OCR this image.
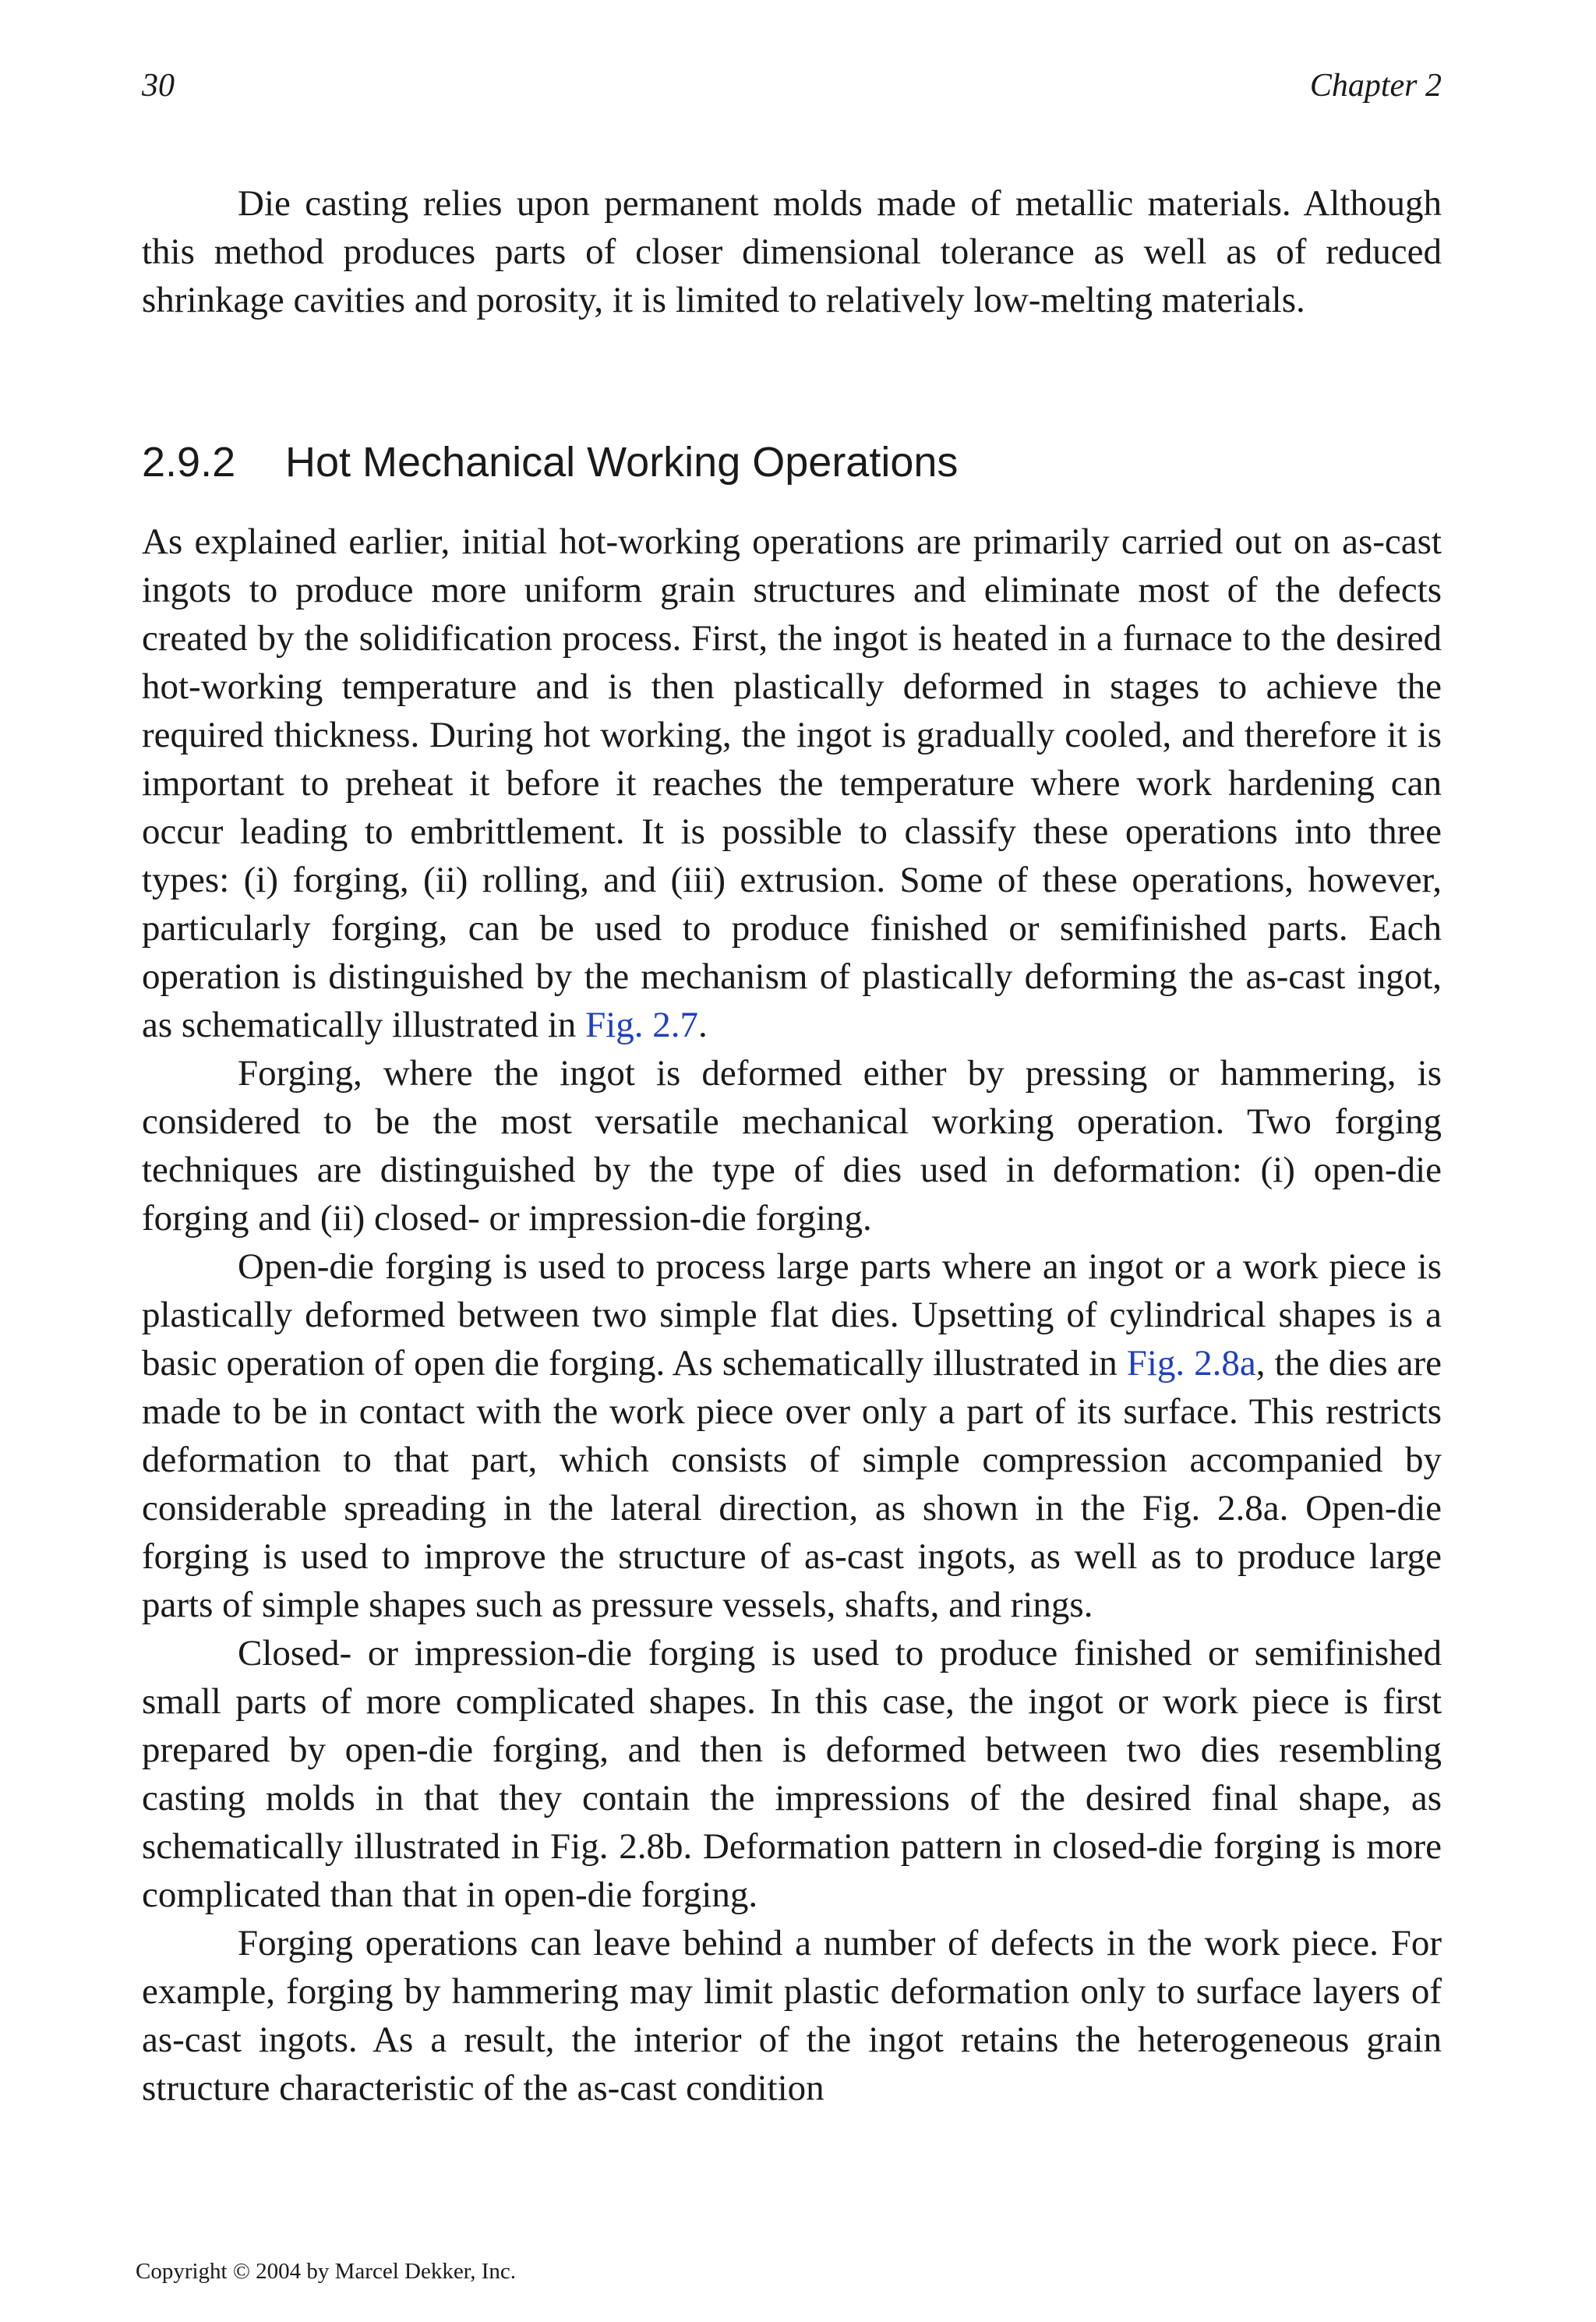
30	Chapter 2

Die casting relies upon permanent molds made of metallic materials. Although this method produces parts of closer dimensional tolerance as well as of reduced shrinkage cavities and porosity, it is limited to relatively low-melting materials.

2.9.2 Hot Mechanical Working Operations

As explained earlier, initial hot-working operations are primarily carried out on as-cast ingots to produce more uniform grain structures and eliminate most of the defects created by the solidification process. First, the ingot is heated in a furnace to the desired hot-working temperature and is then plastically deformed in stages to achieve the required thickness. During hot working, the ingot is gradually cooled, and therefore it is important to preheat it before it reaches the temperature where work hardening can occur leading to embrittlement. It is possible to classify these operations into three types: (i) forging, (ii) rolling, and (iii) extrusion. Some of these operations, however, particularly forging, can be used to produce finished or semifinished parts. Each operation is distinguished by the mechanism of plastically deforming the as-cast ingot, as schematically illustrated in Fig. 2.7.

Forging, where the ingot is deformed either by pressing or hammering, is considered to be the most versatile mechanical working operation. Two forging techniques are distinguished by the type of dies used in deformation: (i) open-die forging and (ii) closed- or impression-die forging.

Open-die forging is used to process large parts where an ingot or a work piece is plastically deformed between two simple flat dies. Upsetting of cylindrical shapes is a basic operation of open die forging. As schematically illustrated in Fig. 2.8a, the dies are made to be in contact with the work piece over only a part of its surface. This restricts deformation to that part, which consists of simple compression accompanied by considerable spreading in the lateral direction, as shown in the Fig. 2.8a. Open-die forging is used to improve the structure of as-cast ingots, as well as to produce large parts of simple shapes such as pressure vessels, shafts, and rings.

Closed- or impression-die forging is used to produce finished or semifinished small parts of more complicated shapes. In this case, the ingot or work piece is first prepared by open-die forging, and then is deformed between two dies resembling casting molds in that they contain the impressions of the desired final shape, as schematically illustrated in Fig. 2.8b. Deformation pattern in closed-die forging is more complicated than that in open-die forging.

Forging operations can leave behind a number of defects in the work piece. For example, forging by hammering may limit plastic deformation only to surface layers of as-cast ingots. As a result, the interior of the ingot retains the heterogeneous grain structure characteristic of the as-cast condition

Copyright © 2004 by Marcel Dekker, Inc.
